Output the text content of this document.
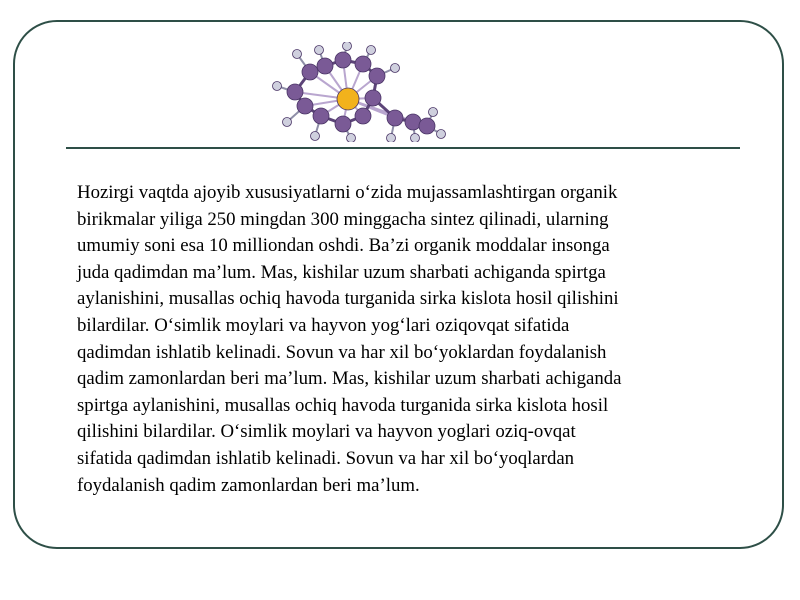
Hozirgi vaqtda ajoyib xususiyatlarni o‘zida mujassamlashtirgan organik
birikmalar yiliga 250 mingdan 300 minggacha sintez qilinadi, ularning
umumiy soni esa 10 milliondan oshdi. Ba’zi organik moddalar insonga
juda qadimdan ma’lum. Mas, kishilar uzum sharbati achiganda spirtga
aylanishini, musallas ochiq havoda turganida sirka kislota hosil qilishini
bilardilar. O‘simlik moylari va hayvon yog‘lari oziqovqat sifatida
qadimdan ishlatib kelinadi. Sovun va har xil bo‘yoklardan foydalanish
qadim zamonlardan beri ma’lum. Mas, kishilar uzum sharbati achiganda
spirtga aylanishini, musallas ochiq havoda turganida sirka kislota hosil
qilishini bilardilar. O‘simlik moylari va hayvon yoglari oziq-ovqat
sifatida qadimdan ishlatib kelinadi. Sovun va har xil bo‘yoqlardan
foydalanish qadim zamonlardan beri ma’lum.
